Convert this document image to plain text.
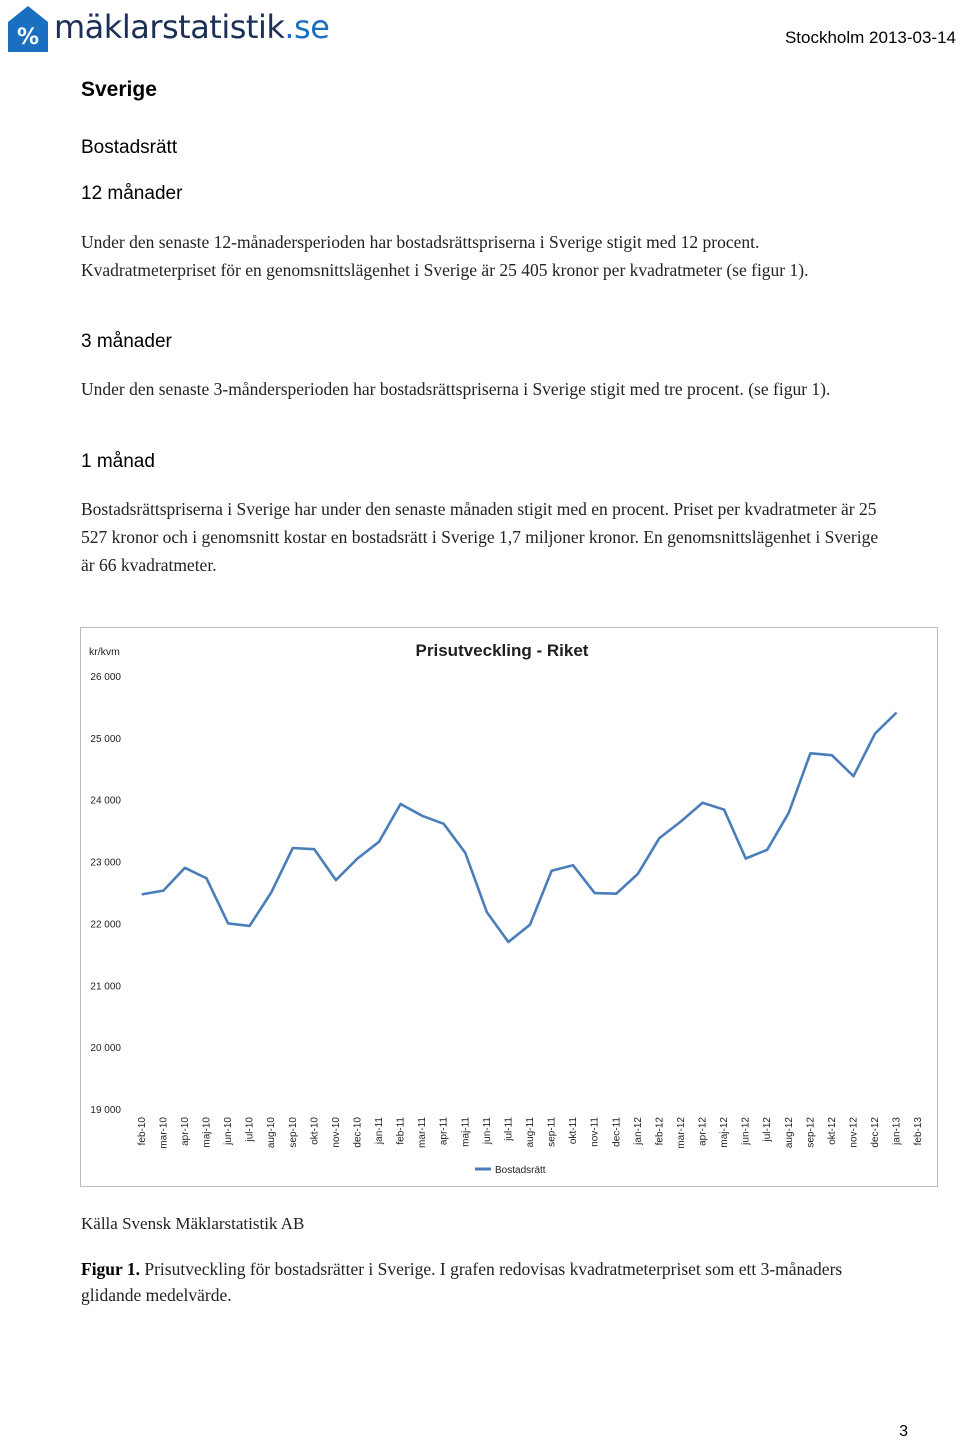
% mäklarstatistik.se	Stockholm 2013-03-14
Sverige
Bostadsrätt
12 månader

Under den senaste 12-månadersperioden har bostadsrättspriserna i Sverige stigit med 12 procent. Kvadratmeterpriset för en genomsnittslägenhet i Sverige är 25 405 kronor per kvadratmeter (se figur 1).

3 månader

Under den senaste 3-måndersperioden har bostadsrättspriserna i Sverige stigit med tre procent. (se figur 1).

1 månad

Bostadsrättspriserna i Sverige har under den senaste månaden stigit med en procent. Priset per kvadratmeter är 25 527 kronor och i genomsnitt kostar en bostadsrätt i Sverige 1,7 miljoner kronor. En genomsnittslägenhet i Sverige är 66 kvadratmeter.

Prisutveckling - Riket
kr/kvm
19 000
20 000
21 000
22 000
23 000
24 000
25 000
26 000
feb-10 mar-10 apr-10 maj-10 jun-10 jul-10 aug-10 sep-10 okt-10 nov-10 dec-10 jan-11 feb-11 mar-11 apr-11 maj-11 jun-11 jul-11 aug-11 sep-11 okt-11 nov-11 dec-11 jan-12 feb-12 mar-12 apr-12 maj-12 jun-12 jul-12 aug-12 sep-12 okt-12 nov-12 dec-12 jan-13 feb-13
Bostadsrätt
Källa Svensk Mäklarstatistik AB

Figur 1. Prisutveckling för bostadsrätter i Sverige. I grafen redovisas kvadratmeterpriset som ett 3-månaders glidande medelvärde.

3
